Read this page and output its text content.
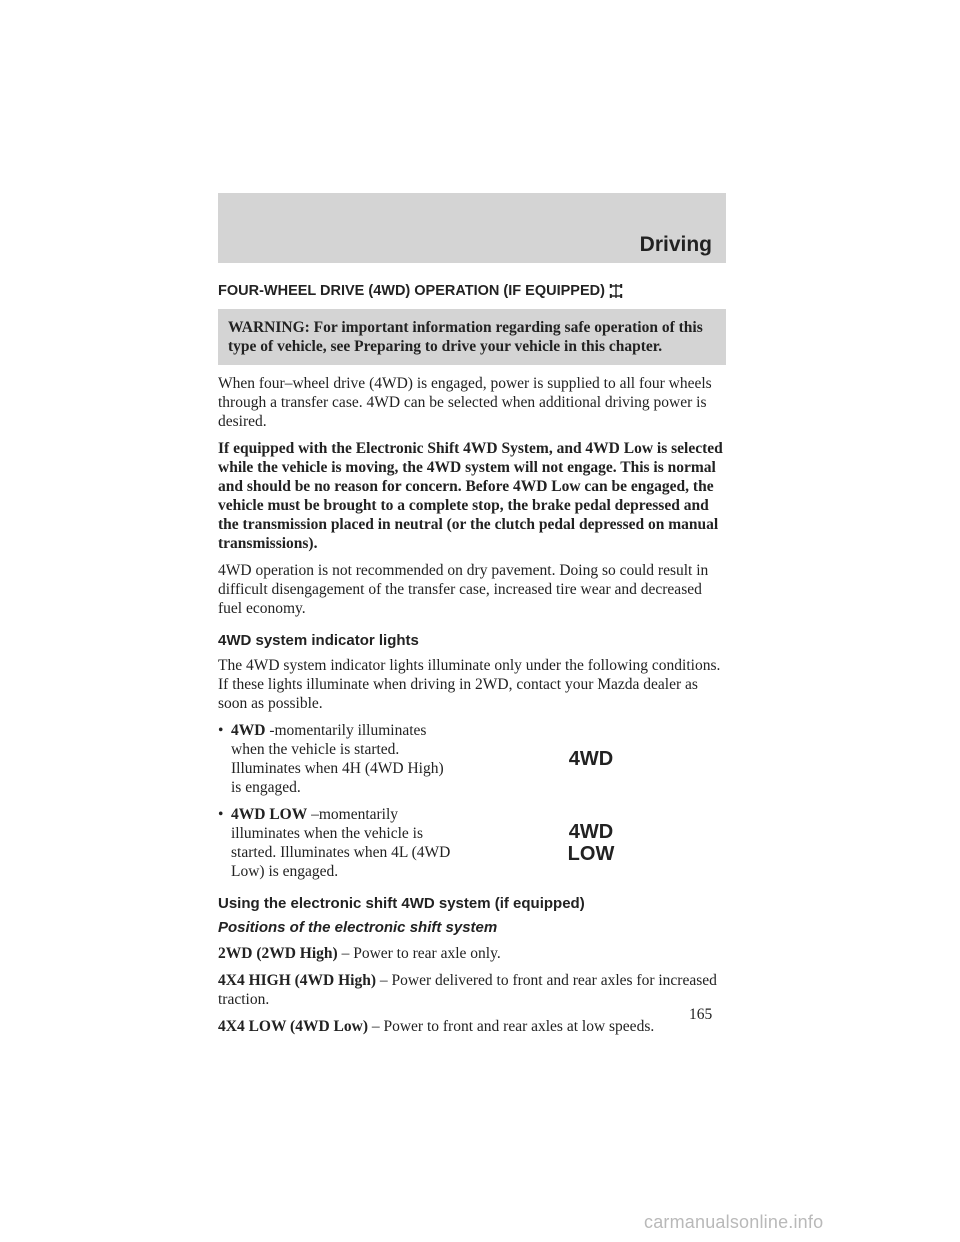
Driving
FOUR-WHEEL DRIVE (4WD) OPERATION (IF EQUIPPED)
WARNING: For important information regarding safe operation of this type of vehicle, see Preparing to drive your vehicle in this chapter.

When four–wheel drive (4WD) is engaged, power is supplied to all four wheels through a transfer case. 4WD can be selected when additional driving power is desired.

If equipped with the Electronic Shift 4WD System, and 4WD Low is selected while the vehicle is moving, the 4WD system will not engage. This is normal and should be no reason for concern. Before 4WD Low can be engaged, the vehicle must be brought to a complete stop, the brake pedal depressed and the transmission placed in neutral (or the clutch pedal depressed on manual transmissions).

4WD operation is not recommended on dry pavement. Doing so could result in difficult disengagement of the transfer case, increased tire wear and decreased fuel economy.

4WD system indicator lights

The 4WD system indicator lights illuminate only under the following conditions. If these lights illuminate when driving in 2WD, contact your Mazda dealer as soon as possible.

• 4WD -momentarily illuminates when the vehicle is started. Illuminates when 4H (4WD High) is engaged.
4WD
• 4WD LOW –momentarily illuminates when the vehicle is started. Illuminates when 4L (4WD Low) is engaged.
4WD
LOW
Using the electronic shift 4WD system (if equipped)
Positions of the electronic shift system

2WD (2WD High) – Power to rear axle only.

4X4 HIGH (4WD High) – Power delivered to front and rear axles for increased traction.

4X4 LOW (4WD Low) – Power to front and rear axles at low speeds.

165
carmanualsonline.info
